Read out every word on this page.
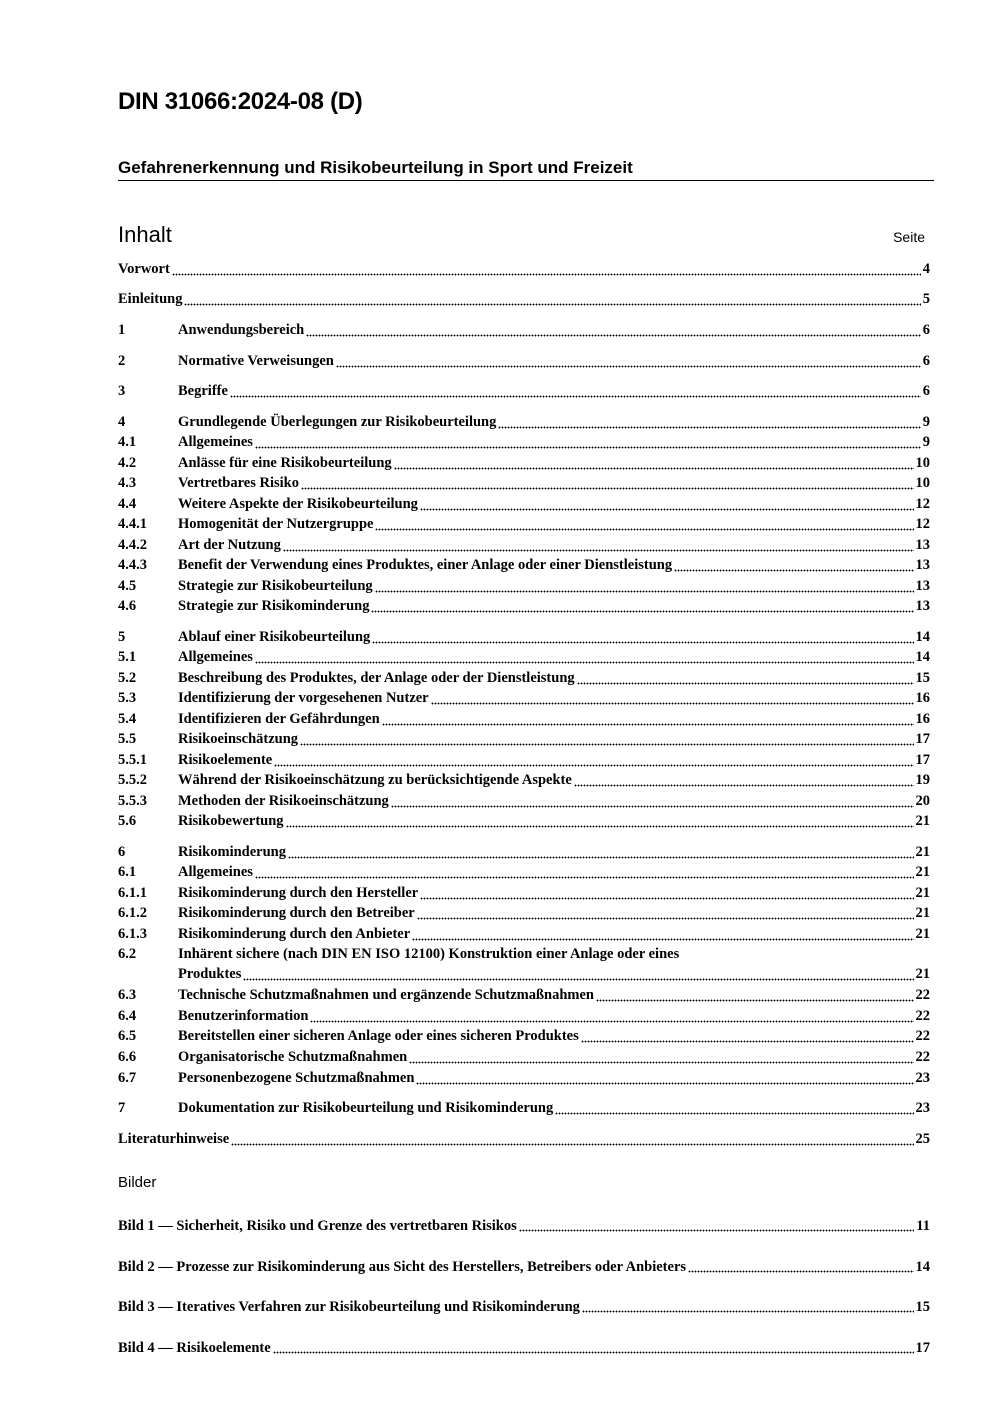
DIN 31066:2024-08 (D)
Gefahrenerkennung und Risikobeurteilung in Sport und Freizeit
Inhalt	Seite
Vorwort	4
Einleitung	5
1	Anwendungsbereich	6
2	Normative Verweisungen	6
3	Begriffe	6
4	Grundlegende Überlegungen zur Risikobeurteilung	9
4.1	Allgemeines	9
4.2	Anlässe für eine Risikobeurteilung	10
4.3	Vertretbares Risiko	10
4.4	Weitere Aspekte der Risikobeurteilung	12
4.4.1 Homogenität der Nutzergruppe	12
4.4.2 Art der Nutzung	13
4.4.3 Benefit der Verwendung eines Produktes, einer Anlage oder einer Dienstleistung	13
4.5	Strategie zur Risikobeurteilung	13
4.6	Strategie zur Risikominderung	13
5	Ablauf einer Risikobeurteilung	14
5.1	Allgemeines	14
5.2	Beschreibung des Produktes, der Anlage oder der Dienstleistung	15
5.3	Identifizierung der vorgesehenen Nutzer	16
5.4	Identifizieren der Gefährdungen	16
5.5	Risikoeinschätzung	17
5.5.1 Risikoelemente	17
5.5.2 Während der Risikoeinschätzung zu berücksichtigende Aspekte	19
5.5.3 Methoden der Risikoeinschätzung	20
5.6	Risikobewertung	21
6	Risikominderung	21
6.1	Allgemeines	21
6.1.1 Risikominderung durch den Hersteller	21
6.1.2 Risikominderung durch den Betreiber	21
6.1.3 Risikominderung durch den Anbieter	21
6.2	Inhärent sichere (nach DIN EN ISO 12100) Konstruktion einer Anlage oder eines
Produktes	21
6.3	Technische Schutzmaßnahmen und ergänzende Schutzmaßnahmen	22
6.4	Benutzerinformation	22
6.5	Bereitstellen einer sicheren Anlage oder eines sicheren Produktes	22
6.6	Organisatorische Schutzmaßnahmen	22
6.7	Personenbezogene Schutzmaßnahmen	23
7	Dokumentation zur Risikobeurteilung und Risikominderung	23
Literaturhinweise	25
Bilder
Bild 1 — Sicherheit, Risiko und Grenze des vertretbaren Risikos	11
Bild 2 — Prozesse zur Risikominderung aus Sicht des Herstellers, Betreibers oder Anbieters	14
Bild 3 — Iteratives Verfahren zur Risikobeurteilung und Risikominderung	15
Bild 4 — Risikoelemente	17
